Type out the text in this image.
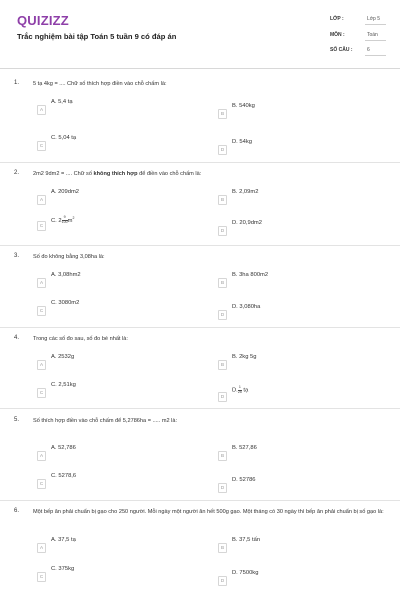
QUIZIZZ
Trắc nghiệm bài tập Toán 5 tuần 9 có đáp án
LỚP :	Lớp 5
MÔN :	Toán
SỐ CÂU :	6
1. 5 tạ 4kg = .... Chữ số thích hợp điền vào chỗ chấm là:
A
A. 5,4 tạ
B
B. 540kg
C
C. 5,04 tạ
D
D. 54kg
2. 2m2 9dm2 = .... Chữ số không thích hợp để điền vào chỗ chấm là:
A
A. 209dm2
B
B. 2,09m2
C
C. $2 \frac{9}{100} m^2$
D
D. 20,9dm2
3. Số đo không bằng 3,08ha là:
A
A. 3,08hm2
B
B. 3ha 800m2
C
C. 3080m2
D
D. 3,080ha
4. Trong các số đo sau, số đo bé nhất là:
A
A. 2532g
B
B. 2kg 5g
C
C. 2,51kg
D
D. $\frac{1}{25}$ tạ
5. Số thích hợp điền vào chỗ chấm để 5,2786ha = ..... m2 là:
A
A. 52,786
B
B. 527,86
C
C. 5278,6
D
D. 52786
6. Một bếp ăn phải chuẩn bị gạo cho 250 người. Mỗi ngày một người ăn hết 500g gạo. Một tháng có 30 ngày thì bếp ăn phải chuẩn bị số gạo là:
A
A. 37,5 tạ
B
B. 37,5 tấn
C
C. 375kg
D
D. 7500kg
